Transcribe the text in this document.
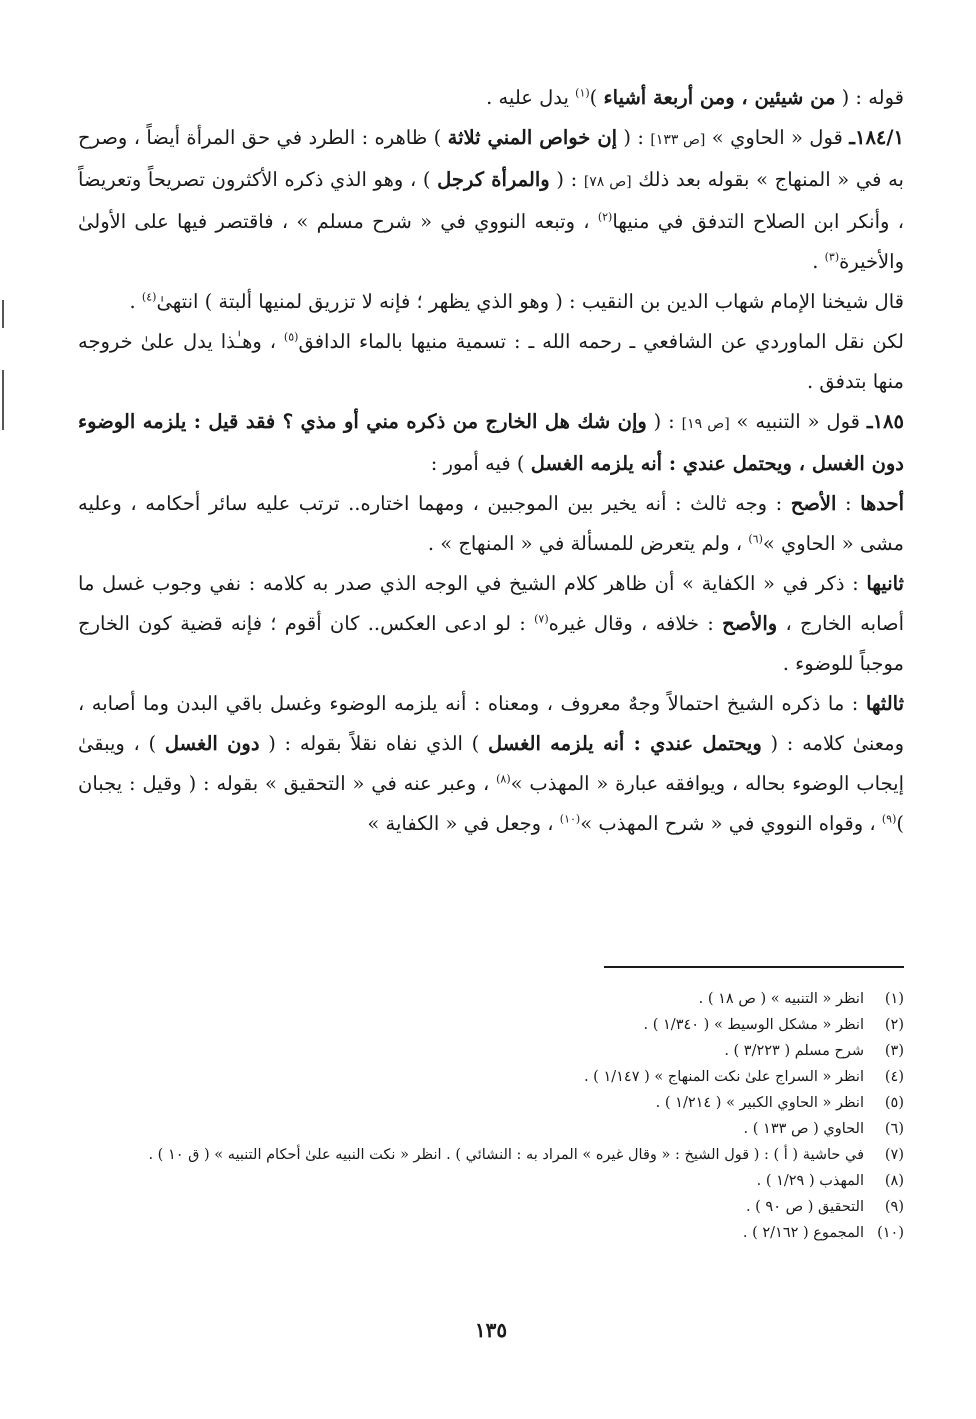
قوله : ( من شيئين ، ومن أربعة أشياء )$^{(١)}$ يدل عليه .

١٨٤/١ـ قول « الحاوي » [ص ١٣٣] : ( إن خواص المني ثلاثة ) ظاهره : الطرد في حق المرأة أيضاً ، وصرح به في « المنهاج » بقوله بعد ذلك [ص ٧٨] : ( والمرأة كرجل ) ، وهو الذي ذكره الأكثرون تصريحاً وتعريضاً ، وأنكر ابن الصلاح التدفق في منيها$^{(٢)}$ ، وتبعه النووي في « شرح مسلم » ، فاقتصر فيها على الأولىٰ والأخيرة$^{(٣)}$ .

قال شيخنا الإمام شهاب الدين بن النقيب : ( وهو الذي يظهر ؛ فإنه لا تزريق لمنيها ألبتة ) انتهىٰ$^{(٤)}$ .

لكن نقل الماوردي عن الشافعي ـ رحمه الله ـ : تسمية منيها بالماء الدافق$^{(٥)}$ ، وهـٰذا يدل علىٰ خروجه منها بتدفق .

١٨٥ـ قول « التنبيه » [ص ١٩] : ( وإن شك هل الخارج من ذكره مني أو مذي ؟ فقد قيل : يلزمه الوضوء دون الغسل ، ويحتمل عندي : أنه يلزمه الغسل ) فيه أمور :

أحدها : الأصح : وجه ثالث : أنه يخير بين الموجبين ، ومهما اختاره.. ترتب عليه سائر أحكامه ، وعليه مشى « الحاوي »$^{(٦)}$ ، ولم يتعرض للمسألة في « المنهاج » .

ثانيها : ذكر في « الكفاية » أن ظاهر كلام الشيخ في الوجه الذي صدر به كلامه : نفي وجوب غسل ما أصابه الخارج ، والأصح : خلافه ، وقال غيره$^{(٧)}$ : لو ادعى العكس.. كان أقوم ؛ فإنه قضية كون الخارج موجباً للوضوء .

ثالثها : ما ذكره الشيخ احتمالاً وجهٌ معروف ، ومعناه : أنه يلزمه الوضوء وغسل باقي البدن وما أصابه ، ومعنىٰ كلامه : ( ويحتمل عندي : أنه يلزمه الغسل ) الذي نفاه نقلاً بقوله : ( دون الغسل ) ، ويبقىٰ إيجاب الوضوء بحاله ، ويوافقه عبارة « المهذب »$^{(٨)}$ ، وعبر عنه في « التحقيق » بقوله : ( وقيل : يجبان )$^{(٩)}$ ، وقواه النووي في « شرح المهذب »$^{(١٠)}$ ، وجعل في « الكفاية »

(١)
انظر « التنبيه » ( ص ١٨ ) .
(٢)
انظر « مشكل الوسيط » ( ١/٣٤٠ ) .
(٣)
شرح مسلم ( ٣/٢٢٣ ) .
(٤)
انظر « السراج علىٰ نكت المنهاج » ( ١/١٤٧ ) .
(٥)
انظر « الحاوي الكبير » ( ١/٢١٤ ) .
(٦)
الحاوي ( ص ١٣٣ ) .
(٧)
في حاشية ( أ ) : ( قول الشيخ : « وقال غيره » المراد به : النشائي ) . انظر « نكت النبيه علىٰ أحكام التنبيه » ( ق ١٠ ) .
(٨)
المهذب ( ١/٢٩ ) .
(٩)
التحقيق ( ص ٩٠ ) .
(١٠)
المجموع ( ٢/١٦٢ ) .
١٣٥
